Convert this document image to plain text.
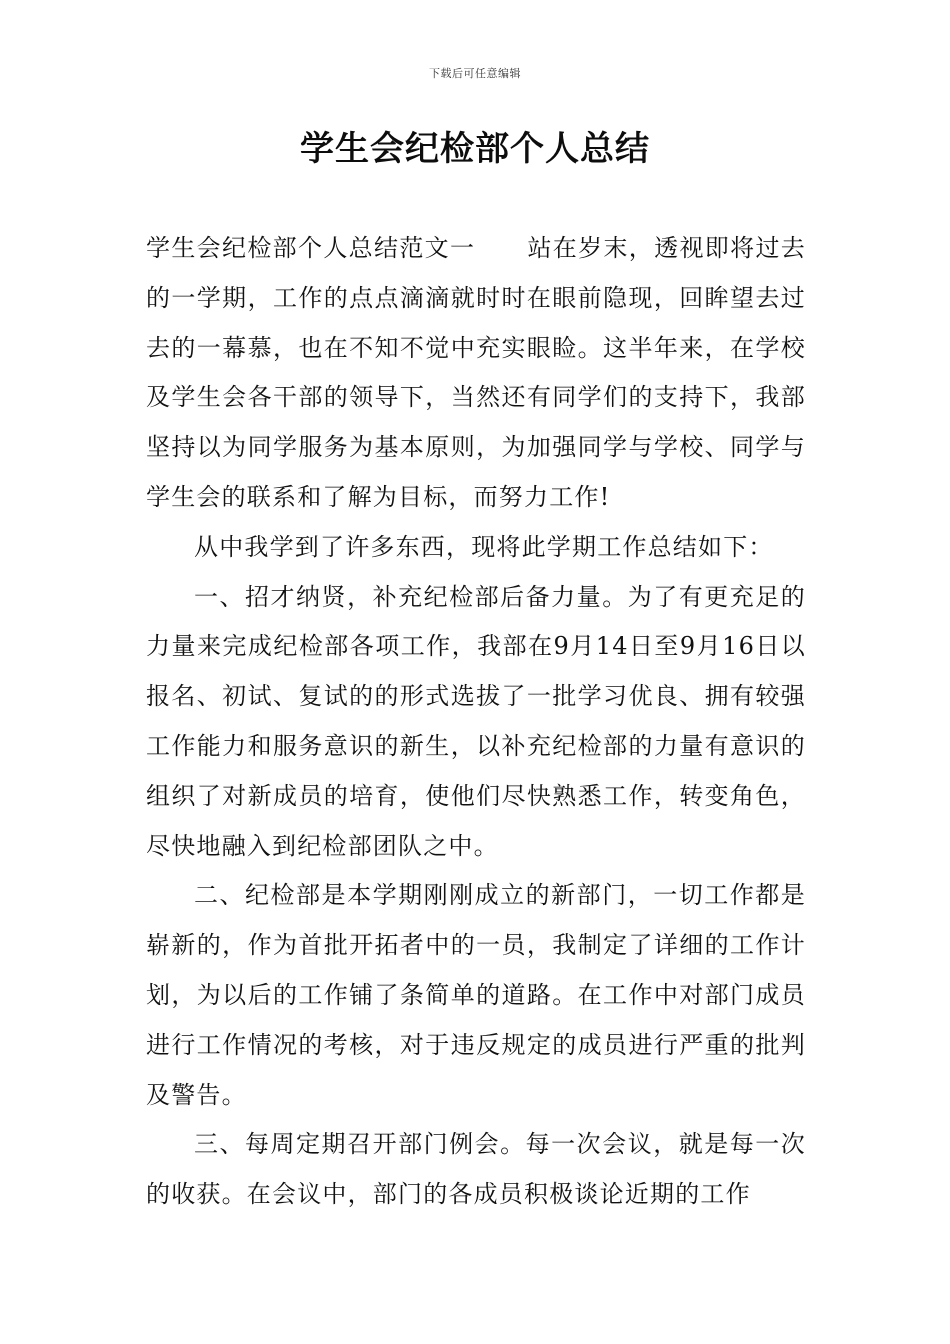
下载后可任意编辑
学生会纪检部个人总结

学生会纪检部个人总结范文一 站在岁末，透视即将过去的一学期，工作的点点滴滴就时时在眼前隐现，回眸望去过去的一幕慕，也在不知不觉中充实眼睑。这半年来，在学校及学生会各干部的领导下，当然还有同学们的支持下，我部坚持以为同学服务为基本原则，为加强同学与学校、同学与学生会的联系和了解为目标，而努力工作!

从中我学到了许多东西，现将此学期工作总结如下：

一、招才纳贤，补充纪检部后备力量。为了有更充足的力量来完成纪检部各项工作，我部在9月14日至9月16日以报名、初试、复试的的形式选拔了一批学习优良、拥有较强工作能力和服务意识的新生，以补充纪检部的力量有意识的组织了对新成员的培育，使他们尽快熟悉工作，转变角色，尽快地融入到纪检部团队之中。

二、纪检部是本学期刚刚成立的新部门，一切工作都是崭新的，作为首批开拓者中的一员，我制定了详细的工作计划，为以后的工作铺了条简单的道路。在工作中对部门成员进行工作情况的考核，对于违反规定的成员进行严重的批判及警告。

三、每周定期召开部门例会。每一次会议，就是每一次的收获。在会议中，部门的各成员积极谈论近期的工作
